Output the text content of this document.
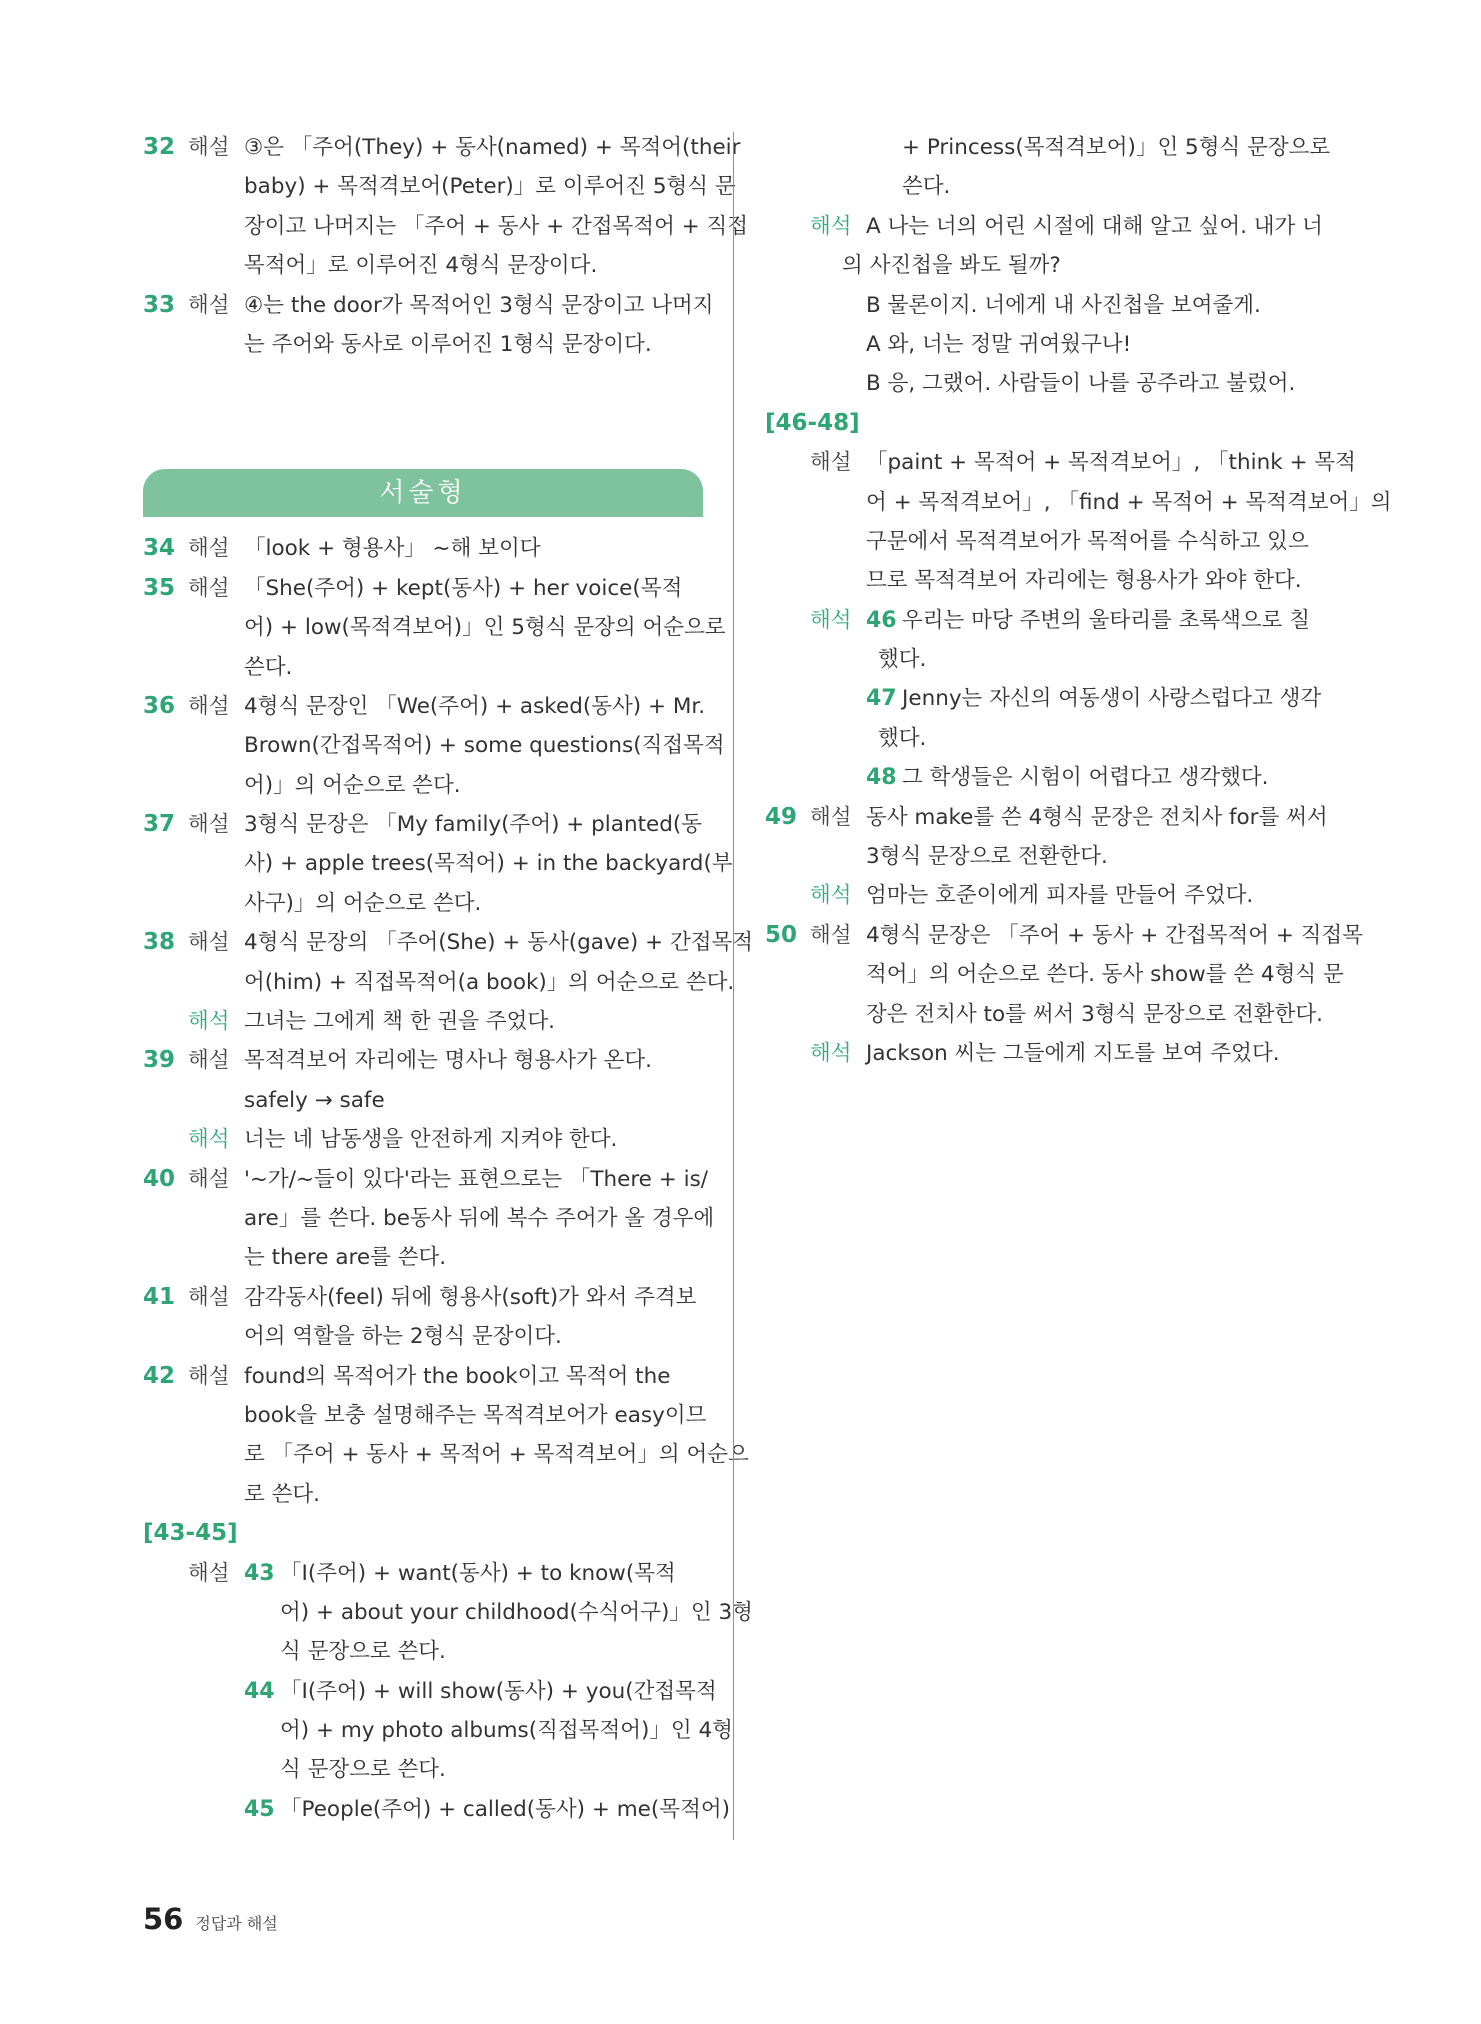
32 해설 ③은 「주어(They) + 동사(named) + 목적어(their
baby) + 목적격보어(Peter)」로 이루어진 5형식 문
장이고 나머지는 「주어 + 동사 + 간접목적어 + 직접
목적어」로 이루어진 4형식 문장이다.
33 해설 ④는 the door가 목적어인 3형식 문장이고 나머지
는 주어와 동사로 이루어진 1형식 문장이다.
서술형
34 해설 「look + 형용사」 ~해 보이다
35 해설 「She(주어) + kept(동사) + her voice(목적
어) + low(목적격보어)」인 5형식 문장의 어순으로
쓴다.
36 해설 4형식 문장인 「We(주어) + asked(동사) + Mr.
Brown(간접목적어) + some questions(직접목적
어)」의 어순으로 쓴다.
37 해설 3형식 문장은 「My family(주어) + planted(동
사) + apple trees(목적어) + in the backyard(부
사구)」의 어순으로 쓴다.
38 해설 4형식 문장의 「주어(She) + 동사(gave) + 간접목적
어(him) + 직접목적어(a book)」의 어순으로 쓴다.
해석 그녀는 그에게 책 한 권을 주었다.
39 해설 목적격보어 자리에는 명사나 형용사가 온다.
safely → safe
해석 너는 네 남동생을 안전하게 지켜야 한다.
40 해설 '~가/~들이 있다'라는 표현으로는 「There + is/
are」를 쓴다. be동사 뒤에 복수 주어가 올 경우에
는 there are를 쓴다.
41 해설 감각동사(feel) 뒤에 형용사(soft)가 와서 주격보
어의 역할을 하는 2형식 문장이다.
42 해설 found의 목적어가 the book이고 목적어 the
book을 보충 설명해주는 목적격보어가 easy이므
로 「주어 + 동사 + 목적어 + 목적격보어」의 어순으
로 쓴다.
[43-45]
해설 43 「I(주어) + want(동사) + to know(목적
어) + about your childhood(수식어구)」인 3형
식 문장으로 쓴다.
44 「I(주어) + will show(동사) + you(간접목적
어) + my photo albums(직접목적어)」인 4형
식 문장으로 쓴다.
45 「People(주어) + called(동사) + me(목적어)
+ Princess(목적격보어)」인 5형식 문장으로
쓴다.
해석 A 나는 너의 어린 시절에 대해 알고 싶어. 내가 너
의 사진첩을 봐도 될까?
B 물론이지. 너에게 내 사진첩을 보여줄게.
A 와, 너는 정말 귀여웠구나!
B 응, 그랬어. 사람들이 나를 공주라고 불렀어.
[46-48]
해설 「paint + 목적어 + 목적격보어」, 「think + 목적
어 + 목적격보어」, 「find + 목적어 + 목적격보어」의
구문에서 목적격보어가 목적어를 수식하고 있으
므로 목적격보어 자리에는 형용사가 와야 한다.
해석 46 우리는 마당 주변의 울타리를 초록색으로 칠
했다.
47 Jenny는 자신의 여동생이 사랑스럽다고 생각
했다.
48 그 학생들은 시험이 어렵다고 생각했다.
49 해설 동사 make를 쓴 4형식 문장은 전치사 for를 써서
3형식 문장으로 전환한다.
해석 엄마는 호준이에게 피자를 만들어 주었다.
50 해설 4형식 문장은 「주어 + 동사 + 간접목적어 + 직접목
적어」의 어순으로 쓴다. 동사 show를 쓴 4형식 문
장은 전치사 to를 써서 3형식 문장으로 전환한다.
해석 Jackson 씨는 그들에게 지도를 보여 주었다.
56 정답과 해설
